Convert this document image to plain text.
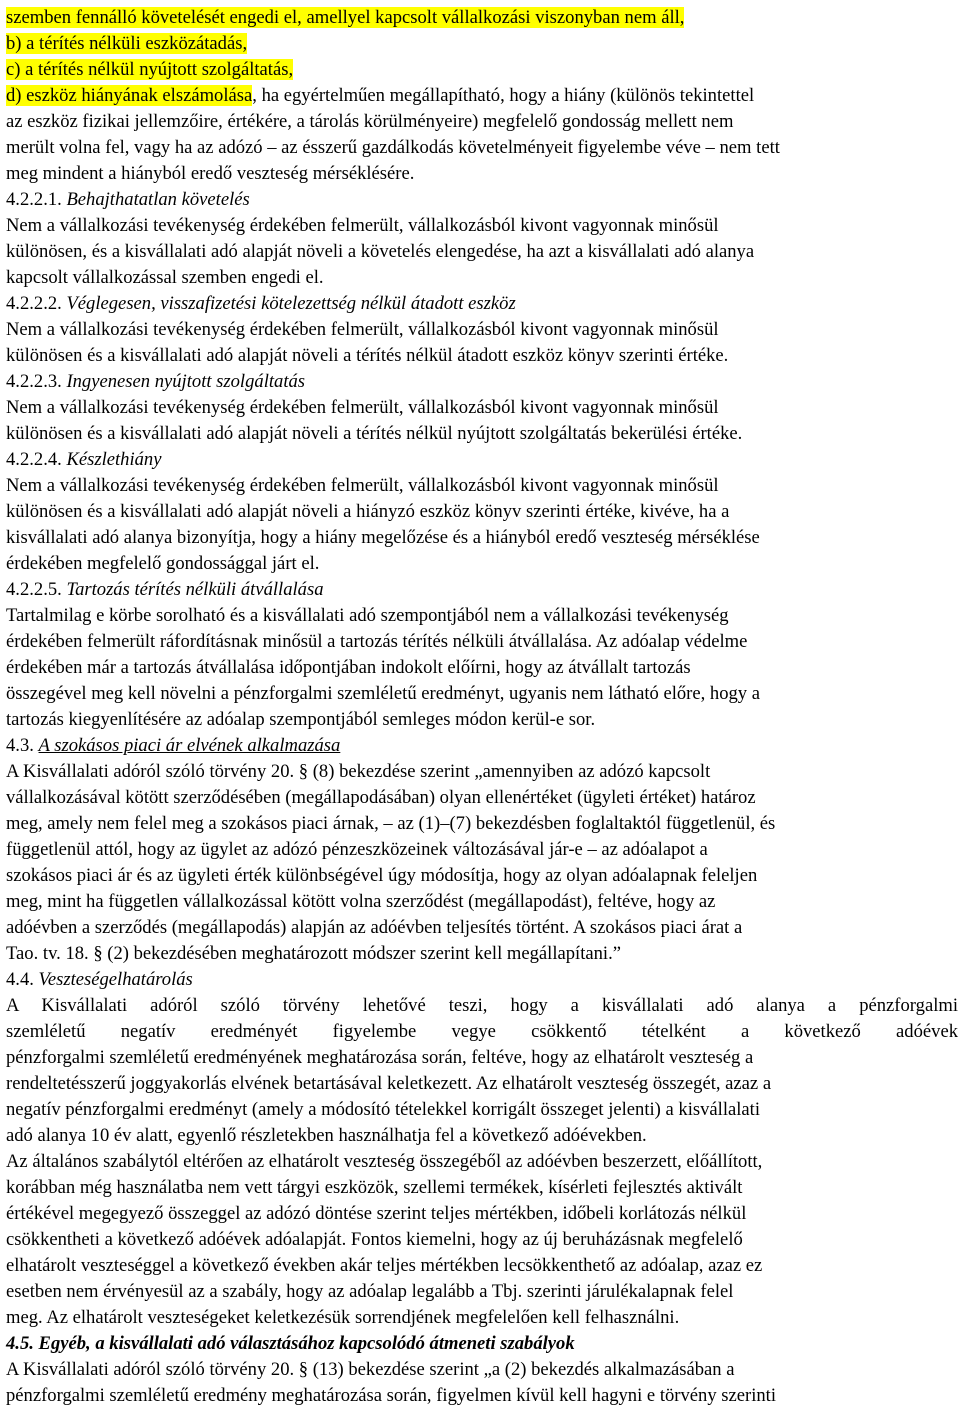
szemben fennálló követelését engedi el, amellyel kapcsolt vállalkozási viszonyban nem áll,
b) a térítés nélküli eszközátadás,
c) a térítés nélkül nyújtott szolgáltatás,
d) eszköz hiányának elszámolása, ha egyértelműen megállapítható, hogy a hiány (különös tekintettel
az eszköz fizikai jellemzőire, értékére, a tárolás körülményeire) megfelelő gondosság mellett nem
merült volna fel, vagy ha az adózó – az ésszerű gazdálkodás követelményeit figyelembe véve – nem tett
meg mindent a hiányból eredő veszteség mérséklésére.
4.2.2.1. Behajthatatlan követelés
Nem a vállalkozási tevékenység érdekében felmerült, vállalkozásból kivont vagyonnak minősül
különösen, és a kisvállalati adó alapját növeli a követelés elengedése, ha azt a kisvállalati adó alanya
kapcsolt vállalkozással szemben engedi el.
4.2.2.2. Véglegesen, visszafizetési kötelezettség nélkül átadott eszköz
Nem a vállalkozási tevékenység érdekében felmerült, vállalkozásból kivont vagyonnak minősül
különösen és a kisvállalati adó alapját növeli a térítés nélkül átadott eszköz könyv szerinti értéke.
4.2.2.3. Ingyenesen nyújtott szolgáltatás
Nem a vállalkozási tevékenység érdekében felmerült, vállalkozásból kivont vagyonnak minősül
különösen és a kisvállalati adó alapját növeli a térítés nélkül nyújtott szolgáltatás bekerülési értéke.
4.2.2.4. Készlethiány
Nem a vállalkozási tevékenység érdekében felmerült, vállalkozásból kivont vagyonnak minősül
különösen és a kisvállalati adó alapját növeli a hiányzó eszköz könyv szerinti értéke, kivéve, ha a
kisvállalati adó alanya bizonyítja, hogy a hiány megelőzése és a hiányból eredő veszteség mérséklése
érdekében megfelelő gondossággal járt el.
4.2.2.5. Tartozás térítés nélküli átvállalása
Tartalmilag e körbe sorolható és a kisvállalati adó szempontjából nem a vállalkozási tevékenység
érdekében felmerült ráfordításnak minősül a tartozás térítés nélküli átvállalása. Az adóalap védelme
érdekében már a tartozás átvállalása időpontjában indokolt előírni, hogy az átvállalt tartozás
összegével meg kell növelni a pénzforgalmi szemléletű eredményt, ugyanis nem látható előre, hogy a
tartozás kiegyenlítésére az adóalap szempontjából semleges módon kerül-e sor.
4.3. A szokásos piaci ár elvének alkalmazása
A Kisvállalati adóról szóló törvény 20. § (8) bekezdése szerint „amennyiben az adózó kapcsolt
vállalkozásával kötött szerződésében (megállapodásában) olyan ellenértéket (ügyleti értéket) határoz
meg, amely nem felel meg a szokásos piaci árnak, – az (1)–(7) bekezdésben foglaltaktól függetlenül, és
függetlenül attól, hogy az ügylet az adózó pénzeszközeinek változásával jár-e – az adóalapot a
szokásos piaci ár és az ügyleti érték különbségével úgy módosítja, hogy az olyan adóalapnak feleljen
meg, mint ha független vállalkozással kötött volna szerződést (megállapodást), feltéve, hogy az
adóévben a szerződés (megállapodás) alapján az adóévben teljesítés történt. A szokásos piaci árat a
Tao. tv. 18. § (2) bekezdésében meghatározott módszer szerint kell megállapítani.”
4.4. Veszteségelhatárolás
A Kisvállalati adóról szóló törvény lehetővé teszi, hogy a kisvállalati adó alanya a pénzforgalmi
szemléletű negatív eredményét figyelembe vegye csökkentő tételként a következő adóévek
pénzforgalmi szemléletű eredményének meghatározása során, feltéve, hogy az elhatárolt veszteség a
rendeltetésszerű joggyakorlás elvének betartásával keletkezett. Az elhatárolt veszteség összegét, azaz a
negatív pénzforgalmi eredményt (amely a módosító tételekkel korrigált összeget jelenti) a kisvállalati
adó alanya 10 év alatt, egyenlő részletekben használhatja fel a következő adóévekben.
Az általános szabálytól eltérően az elhatárolt veszteség összegéből az adóévben beszerzett, előállított,
korábban még használatba nem vett tárgyi eszközök, szellemi termékek, kísérleti fejlesztés aktivált
értékével megegyező összeggel az adózó döntése szerint teljes mértékben, időbeli korlátozás nélkül
csökkentheti a következő adóévek adóalapját. Fontos kiemelni, hogy az új beruházásnak megfelelő
elhatárolt veszteséggel a következő években akár teljes mértékben lecsökkenthető az adóalap, azaz ez
esetben nem érvényesül az a szabály, hogy az adóalap legalább a Tbj. szerinti járulékalapnak felel
meg. Az elhatárolt veszteségeket keletkezésük sorrendjének megfelelően kell felhasználni.
4.5. Egyéb, a kisvállalati adó választásához kapcsolódó átmeneti szabályok
A Kisvállalati adóról szóló törvény 20. § (13) bekezdése szerint „a (2) bekezdés alkalmazásában a
pénzforgalmi szemléletű eredmény meghatározása során, figyelmen kívül kell hagyni e törvény szerinti
